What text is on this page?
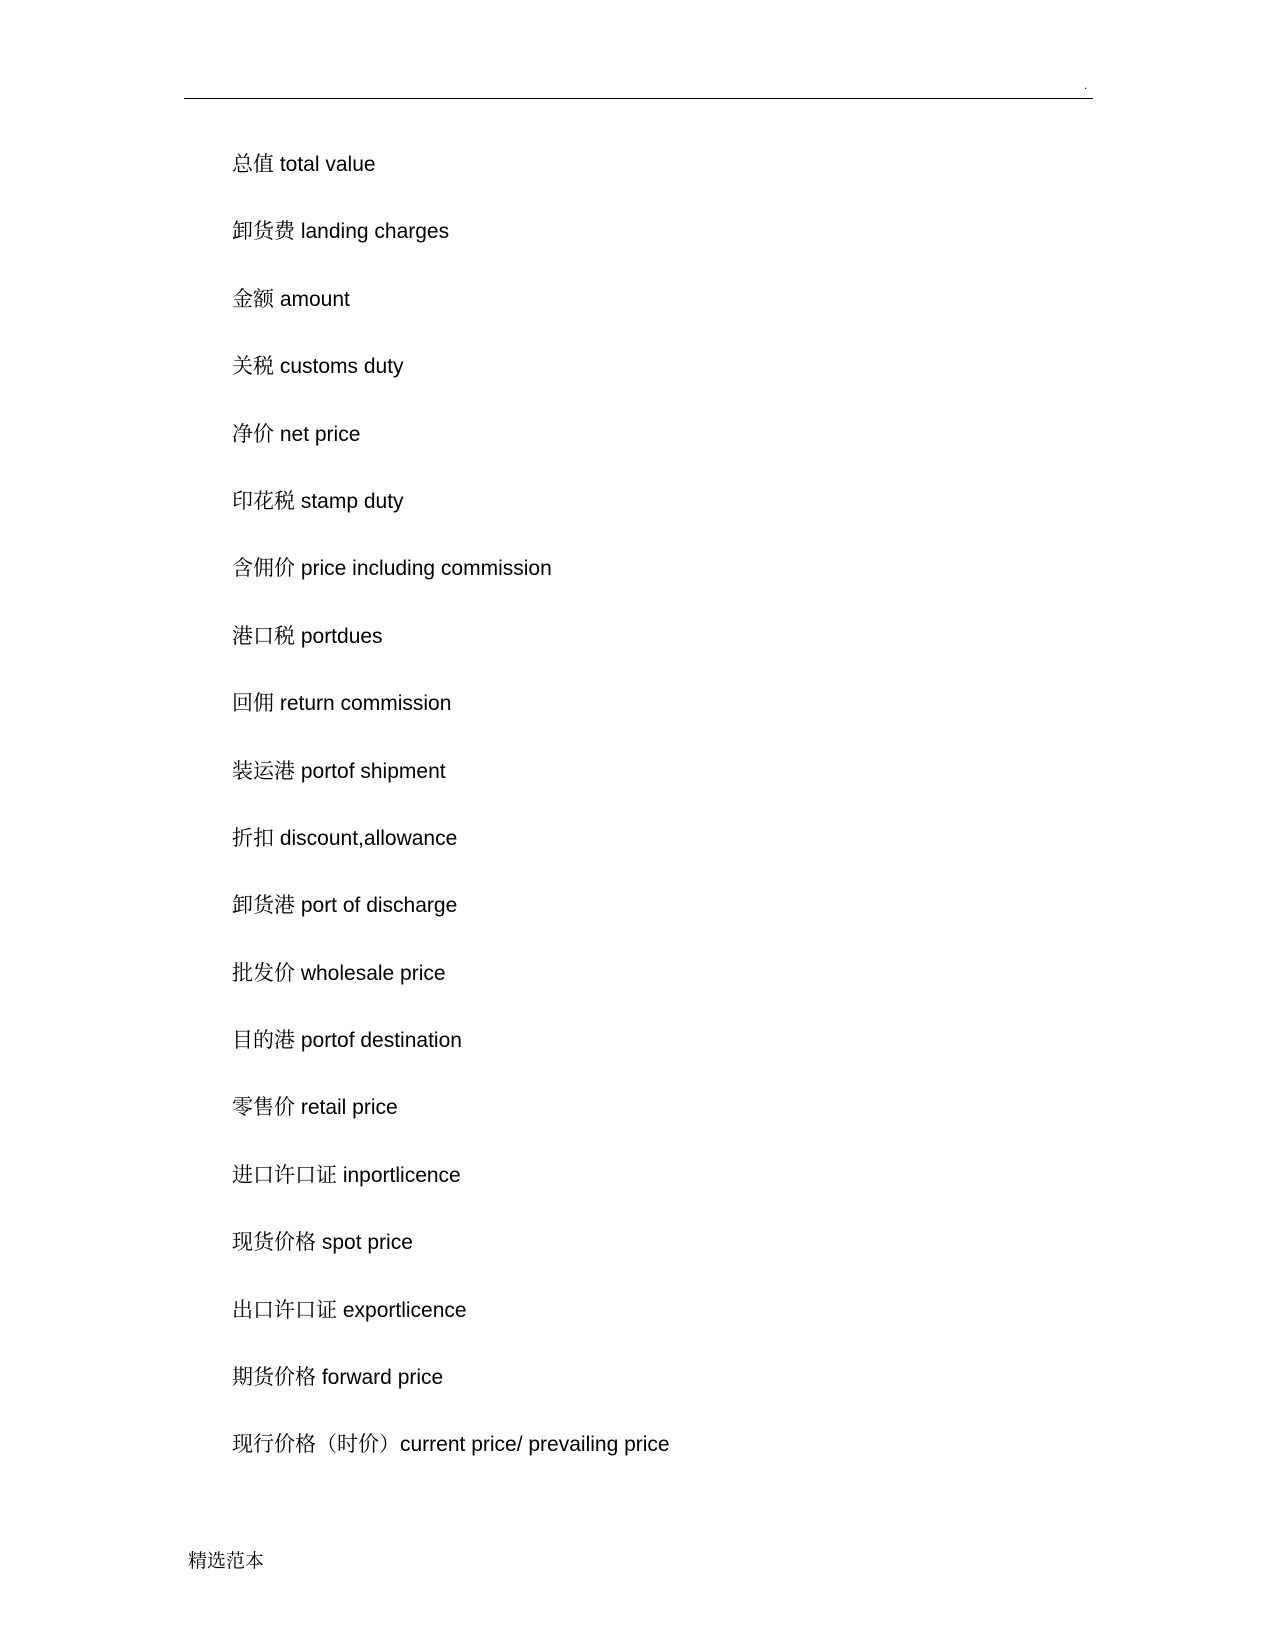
.
总值 total value
卸货费 landing charges
金额 amount
关税 customs duty
净价 net price
印花税 stamp duty
含佣价 price including commission
港口税 portdues
回佣 return commission
装运港 portof shipment
折扣 discount,allowance
卸货港 port of discharge
批发价 wholesale price
目的港 portof destination
零售价 retail price
进口许口证 inportlicence
现货价格 spot price
出口许口证 exportlicence
期货价格 forward price
现行价格（时价）current price/ prevailing price
精选范本
